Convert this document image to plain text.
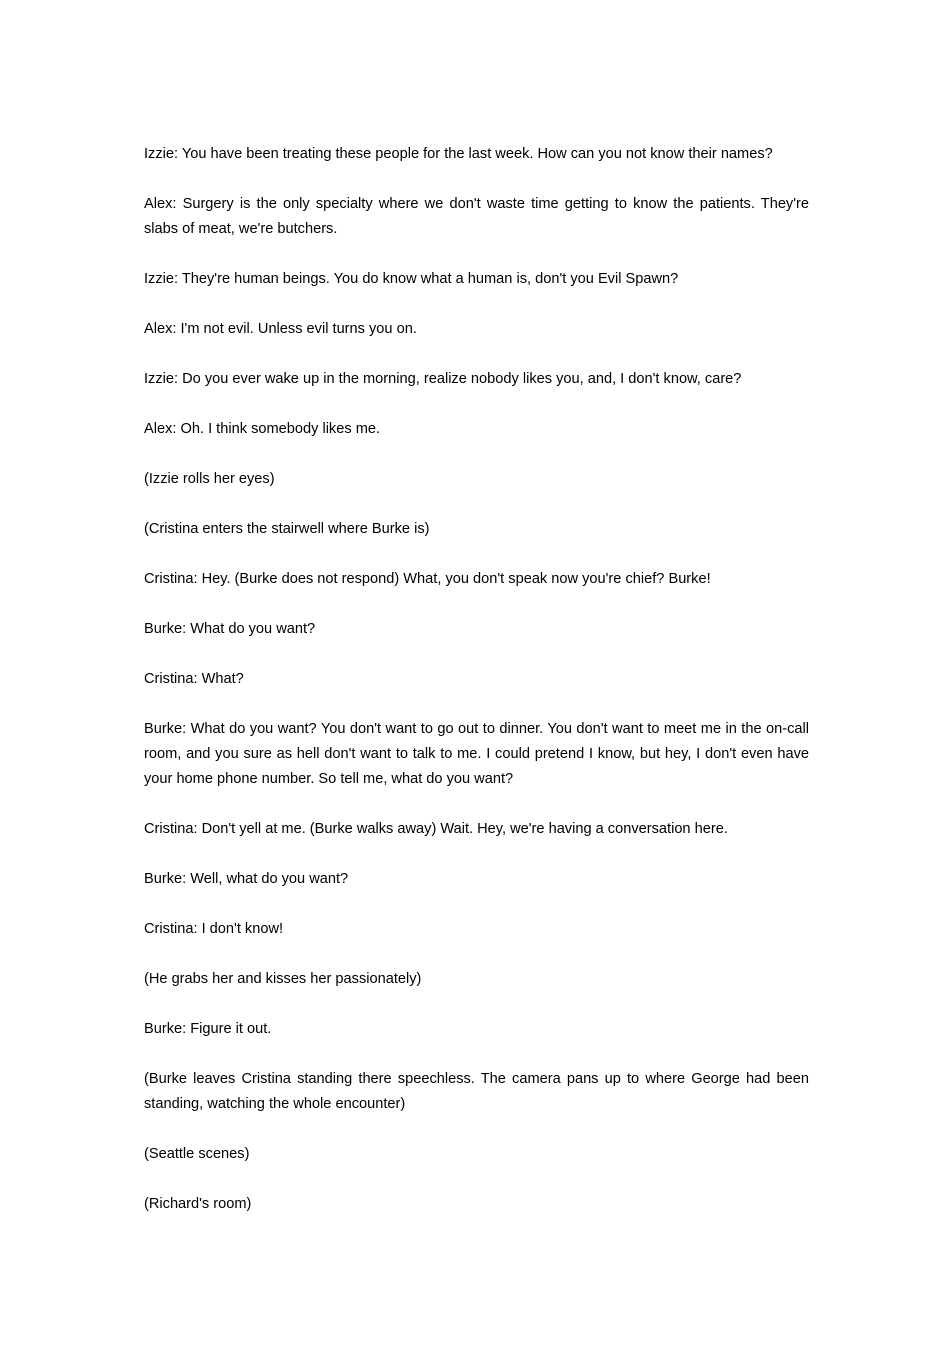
Izzie: You have been treating these people for the last week. How can you not know their names?

Alex: Surgery is the only specialty where we don't waste time getting to know the patients. They're slabs of meat, we're butchers.

Izzie: They're human beings. You do know what a human is, don't you Evil Spawn?

Alex: I'm not evil. Unless evil turns you on.

Izzie: Do you ever wake up in the morning, realize nobody likes you, and, I don't know, care?

Alex: Oh. I think somebody likes me.

(Izzie rolls her eyes)

(Cristina enters the stairwell where Burke is)

Cristina: Hey. (Burke does not respond) What, you don't speak now you're chief? Burke!

Burke: What do you want?

Cristina: What?

Burke: What do you want? You don't want to go out to dinner. You don't want to meet me in the on-call room, and you sure as hell don't want to talk to me. I could pretend I know, but hey, I don't even have your home phone number. So tell me, what do you want?

Cristina: Don't yell at me. (Burke walks away) Wait. Hey, we're having a conversation here.

Burke: Well, what do you want?

Cristina: I don't know!

(He grabs her and kisses her passionately)

Burke: Figure it out.

(Burke leaves Cristina standing there speechless. The camera pans up to where George had been standing, watching the whole encounter)

(Seattle scenes)

(Richard's room)
